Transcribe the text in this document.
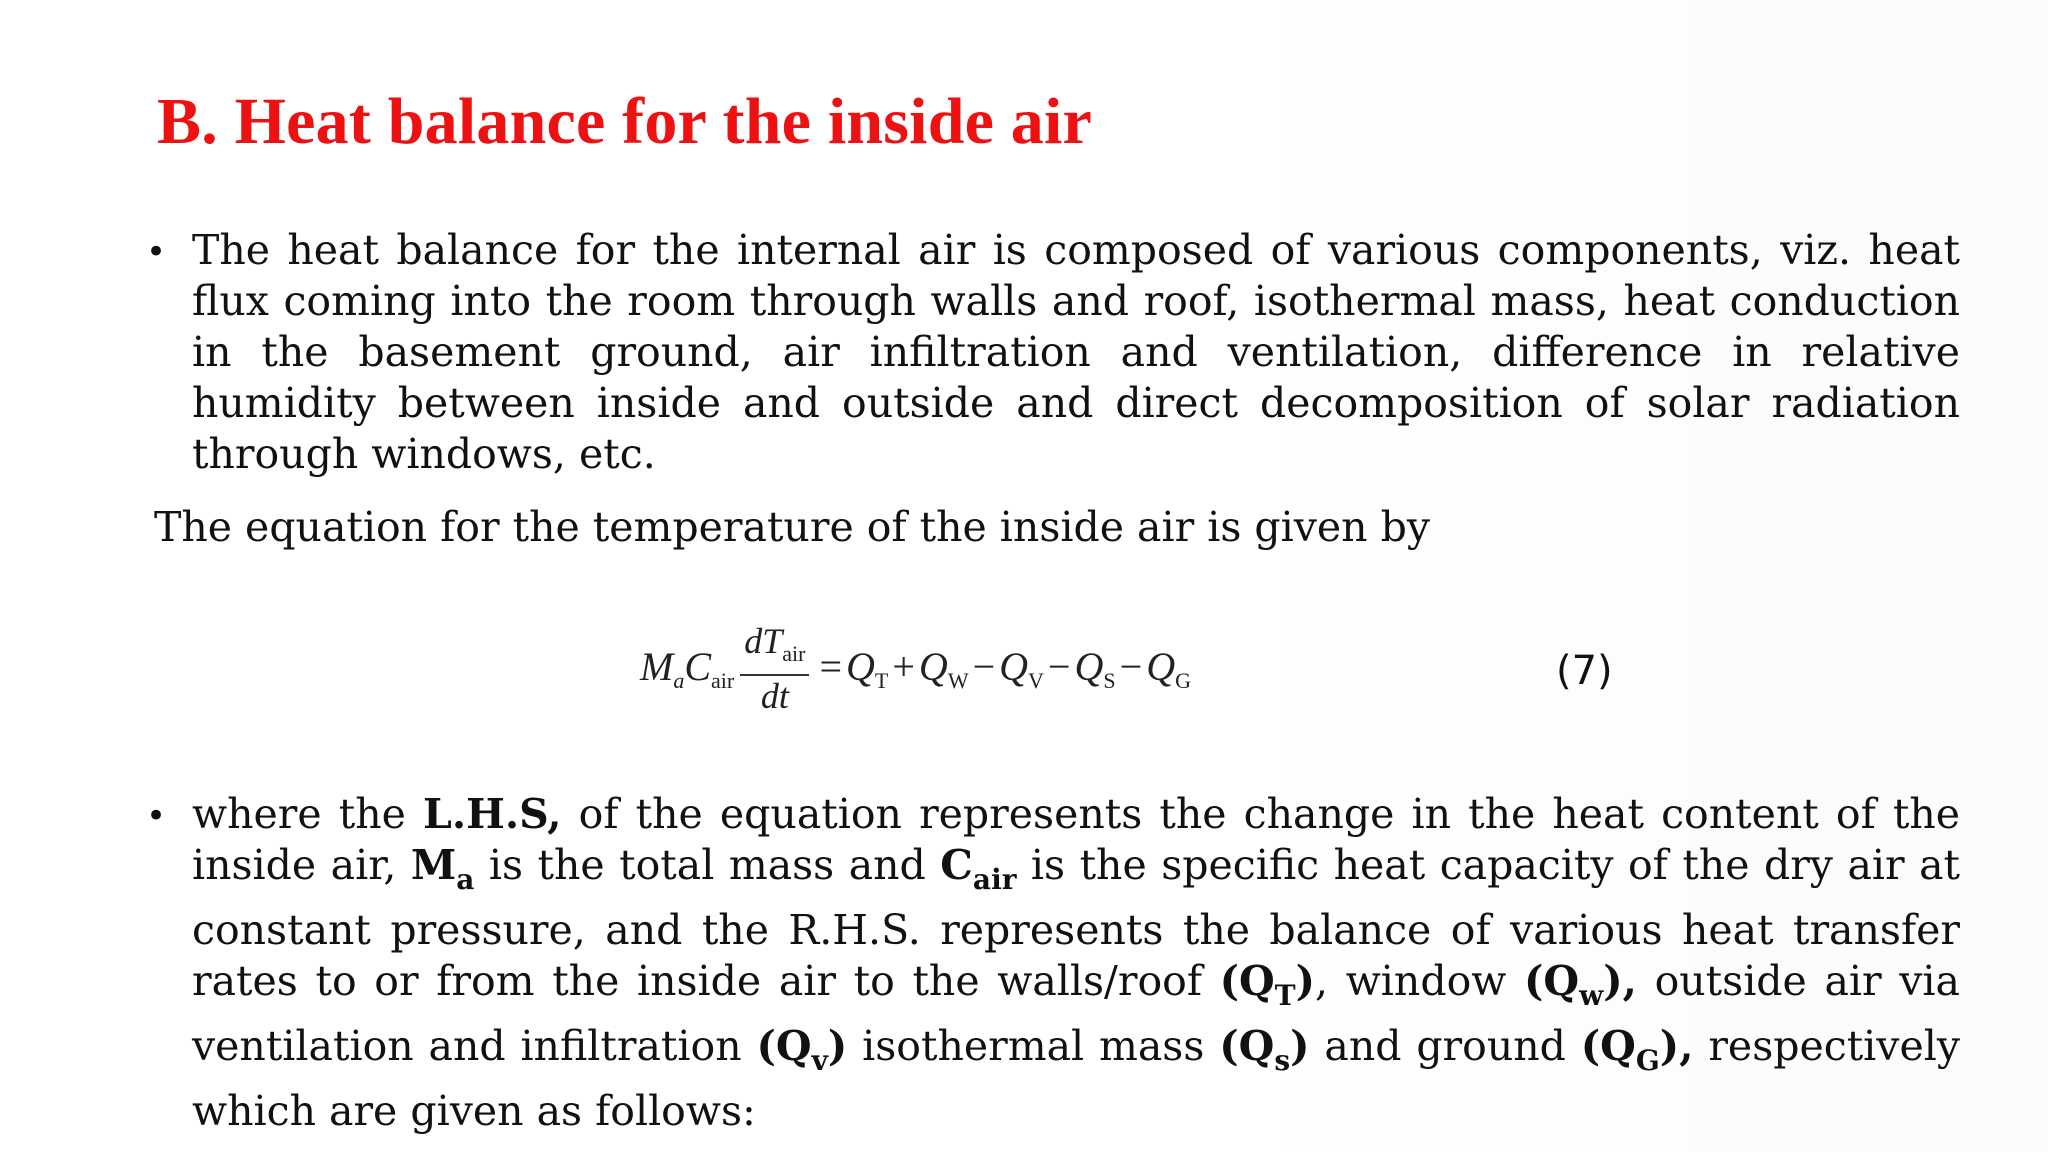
B. Heat balance for the inside air
• The heat balance for the internal air is composed of various components, viz. heat flux coming into the room through walls and roof, isothermal mass, heat conduction in the basement ground, air infiltration and ventilation, difference in relative humidity between inside and outside and direct decomposition of solar radiation through windows, etc.
The equation for the temperature of the inside air is given by
$M_a$ $C_{air} \frac{dT_{air}}{dt} = Q_T + Q_W - Q_V - Q_S - Q_G$	(7)
• where the L.H.S, of the equation represents the change in the heat content of the inside air, $M_a$ is the total mass and $C_{air}$ is the specific heat capacity of the dry air at constant pressure, and the R.H.S. represents the balance of various heat transfer rates to or from the inside air to the walls/roof $(Q_T)$, window $(Q_w)$, outside air via ventilation and infiltration $(Q_v)$ isothermal mass $(Q_s)$ and ground $(Q_G)$, respectively which are given as follows:
